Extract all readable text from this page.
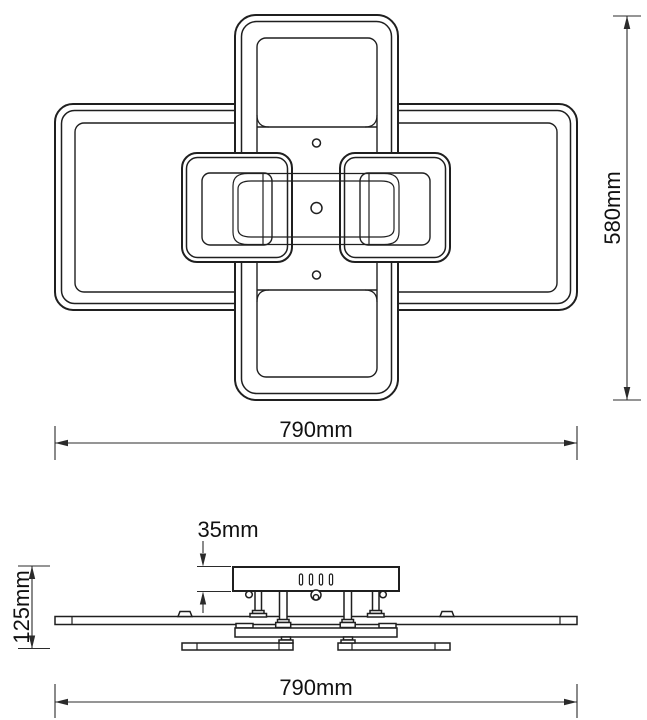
790mm
580mm
35mm
125mm
790mm
